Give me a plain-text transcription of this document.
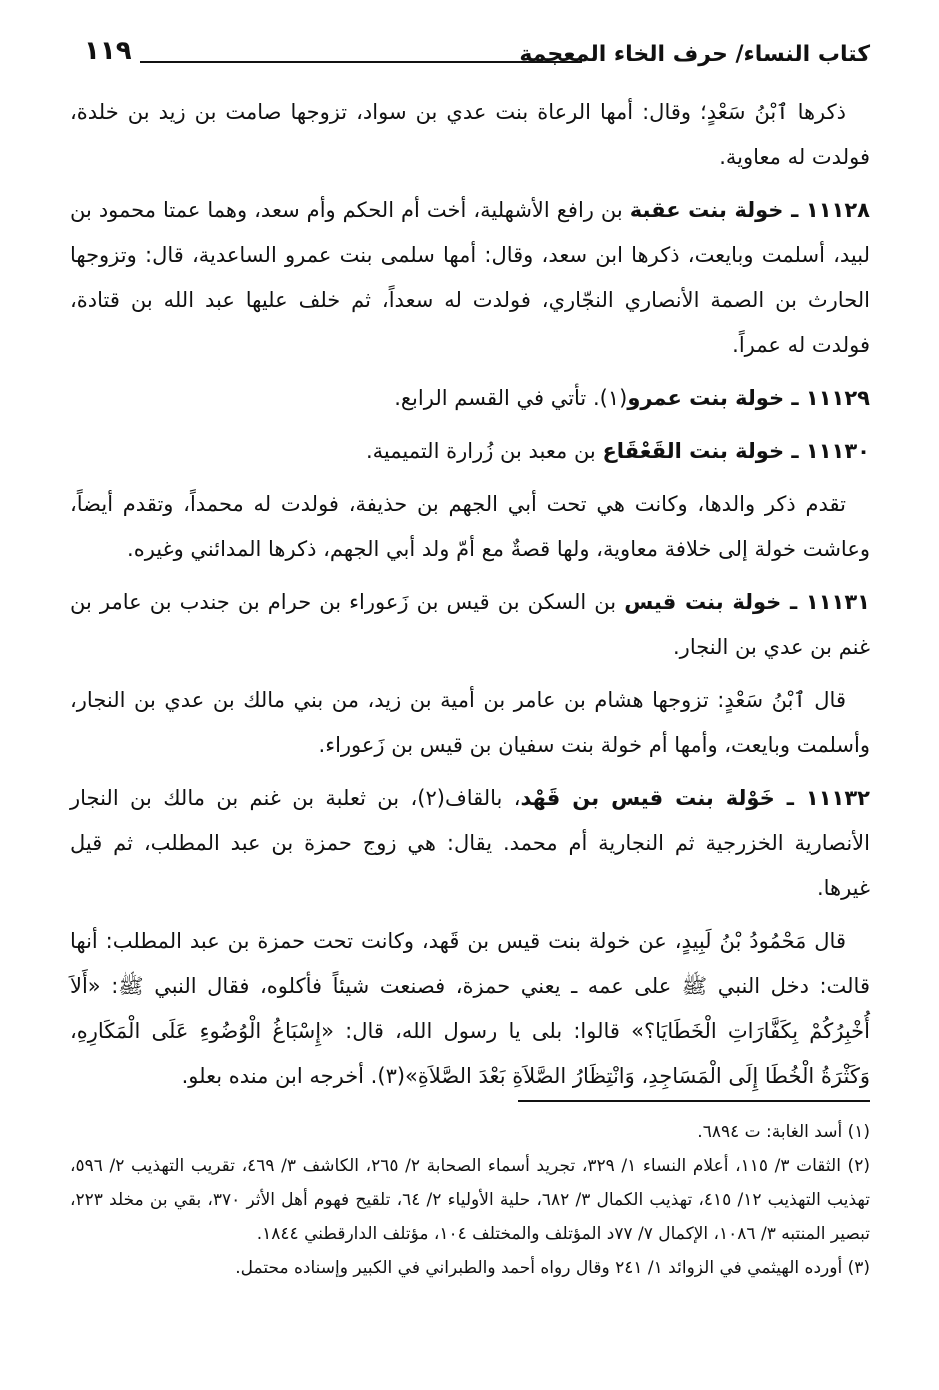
كتاب النساء/ حرف الخاء المعجمة
١١٩

ذكرها ٱبْنُ سَعْدٍ؛ وقال: أمها الرعاة بنت عدي بن سواد، تزوجها صامت بن زيد بن خلدة، فولدت له معاوية.

١١١٢٨ ـ خولة بنت عقبة بن رافع الأشهلية، أخت أم الحكم وأم سعد، وهما عمتا محمود بن لبيد، أسلمت وبايعت، ذكرها ابن سعد، وقال: أمها سلمى بنت عمرو الساعدية، قال: وتزوجها الحارث بن الصمة الأنصاري النجّاري، فولدت له سعداً، ثم خلف عليها عبد الله بن قتادة، فولدت له عمراً.

١١١٢٩ ـ خولة بنت عمرو(١). تأتي في القسم الرابع.

١١١٣٠ ـ خولة بنت القَعْقَاع بن معبد بن زُرارة التميمية.

تقدم ذكر والدها، وكانت هي تحت أبي الجهم بن حذيفة، فولدت له محمداً، وتقدم أيضاً، وعاشت خولة إلى خلافة معاوية، ولها قصةٌ مع أمّ ولد أبي الجهم، ذكرها المدائني وغيره.

١١١٣١ ـ خولة بنت قيس بن السكن بن قيس بن زَعوراء بن حرام بن جندب بن عامر بن غنم بن عدي بن النجار.

قال ٱبْنُ سَعْدٍ: تزوجها هشام بن عامر بن أمية بن زيد، من بني مالك بن عدي بن النجار، وأسلمت وبايعت، وأمها أم خولة بنت سفيان بن قيس بن زَعوراء.

١١١٣٢ ـ خَوْلة بنت قيس بن قَهْد، بالقاف(٢)، بن ثعلبة بن غنم بن مالك بن النجار الأنصارية الخزرجية ثم النجارية أم محمد. يقال: هي زوج حمزة بن عبد المطلب، ثم قيل غيرها.

قال مَحْمُودُ بْنُ لَبِيدٍ، عن خولة بنت قيس بن قَهد، وكانت تحت حمزة بن عبد المطلب: أنها قالت: دخل النبي ﷺ على عمه ـ يعني حمزة، فصنعت شيئاً فأكلوه، فقال النبي ﷺ: «أَلاَ أُخْبِرُكُمْ بِكَفَّارَاتِ الْخَطَايَا؟» قالوا: بلى يا رسول الله، قال: «إِسْبَاغُ الْوُضُوءِ عَلَى الْمَكَارِهِ، وَكَثْرَةُ الْخُطَا إِلَى الْمَسَاجِدِ، وَانْتِظَارُ الصَّلاَةِ بَعْدَ الصَّلاَةِ»(٣). أخرجه ابن منده بعلو.

(١) أسد الغابة: ت ٦٨٩٤.

(٢) الثقات ٣/ ١١٥، أعلام النساء ١/ ٣٢٩، تجريد أسماء الصحابة ٢/ ٢٦٥، الكاشف ٣/ ٤٦٩، تقريب التهذيب ٢/ ٥٩٦، تهذيب التهذيب ١٢/ ٤١٥، تهذيب الكمال ٣/ ٦٨٢، حلية الأولياء ٢/ ٦٤، تلقيح فهوم أهل الأثر ٣٧٠، بقي بن مخلد ٢٢٣، تبصير المنتبه ٣/ ١٠٨٦، الإكمال ٧/ ٧٧د المؤتلف والمختلف ١٠٤، مؤتلف الدارقطني ١٨٤٤.

(٣) أورده الهيثمي في الزوائد ١/ ٢٤١ وقال رواه أحمد والطبراني في الكبير وإسناده محتمل.
